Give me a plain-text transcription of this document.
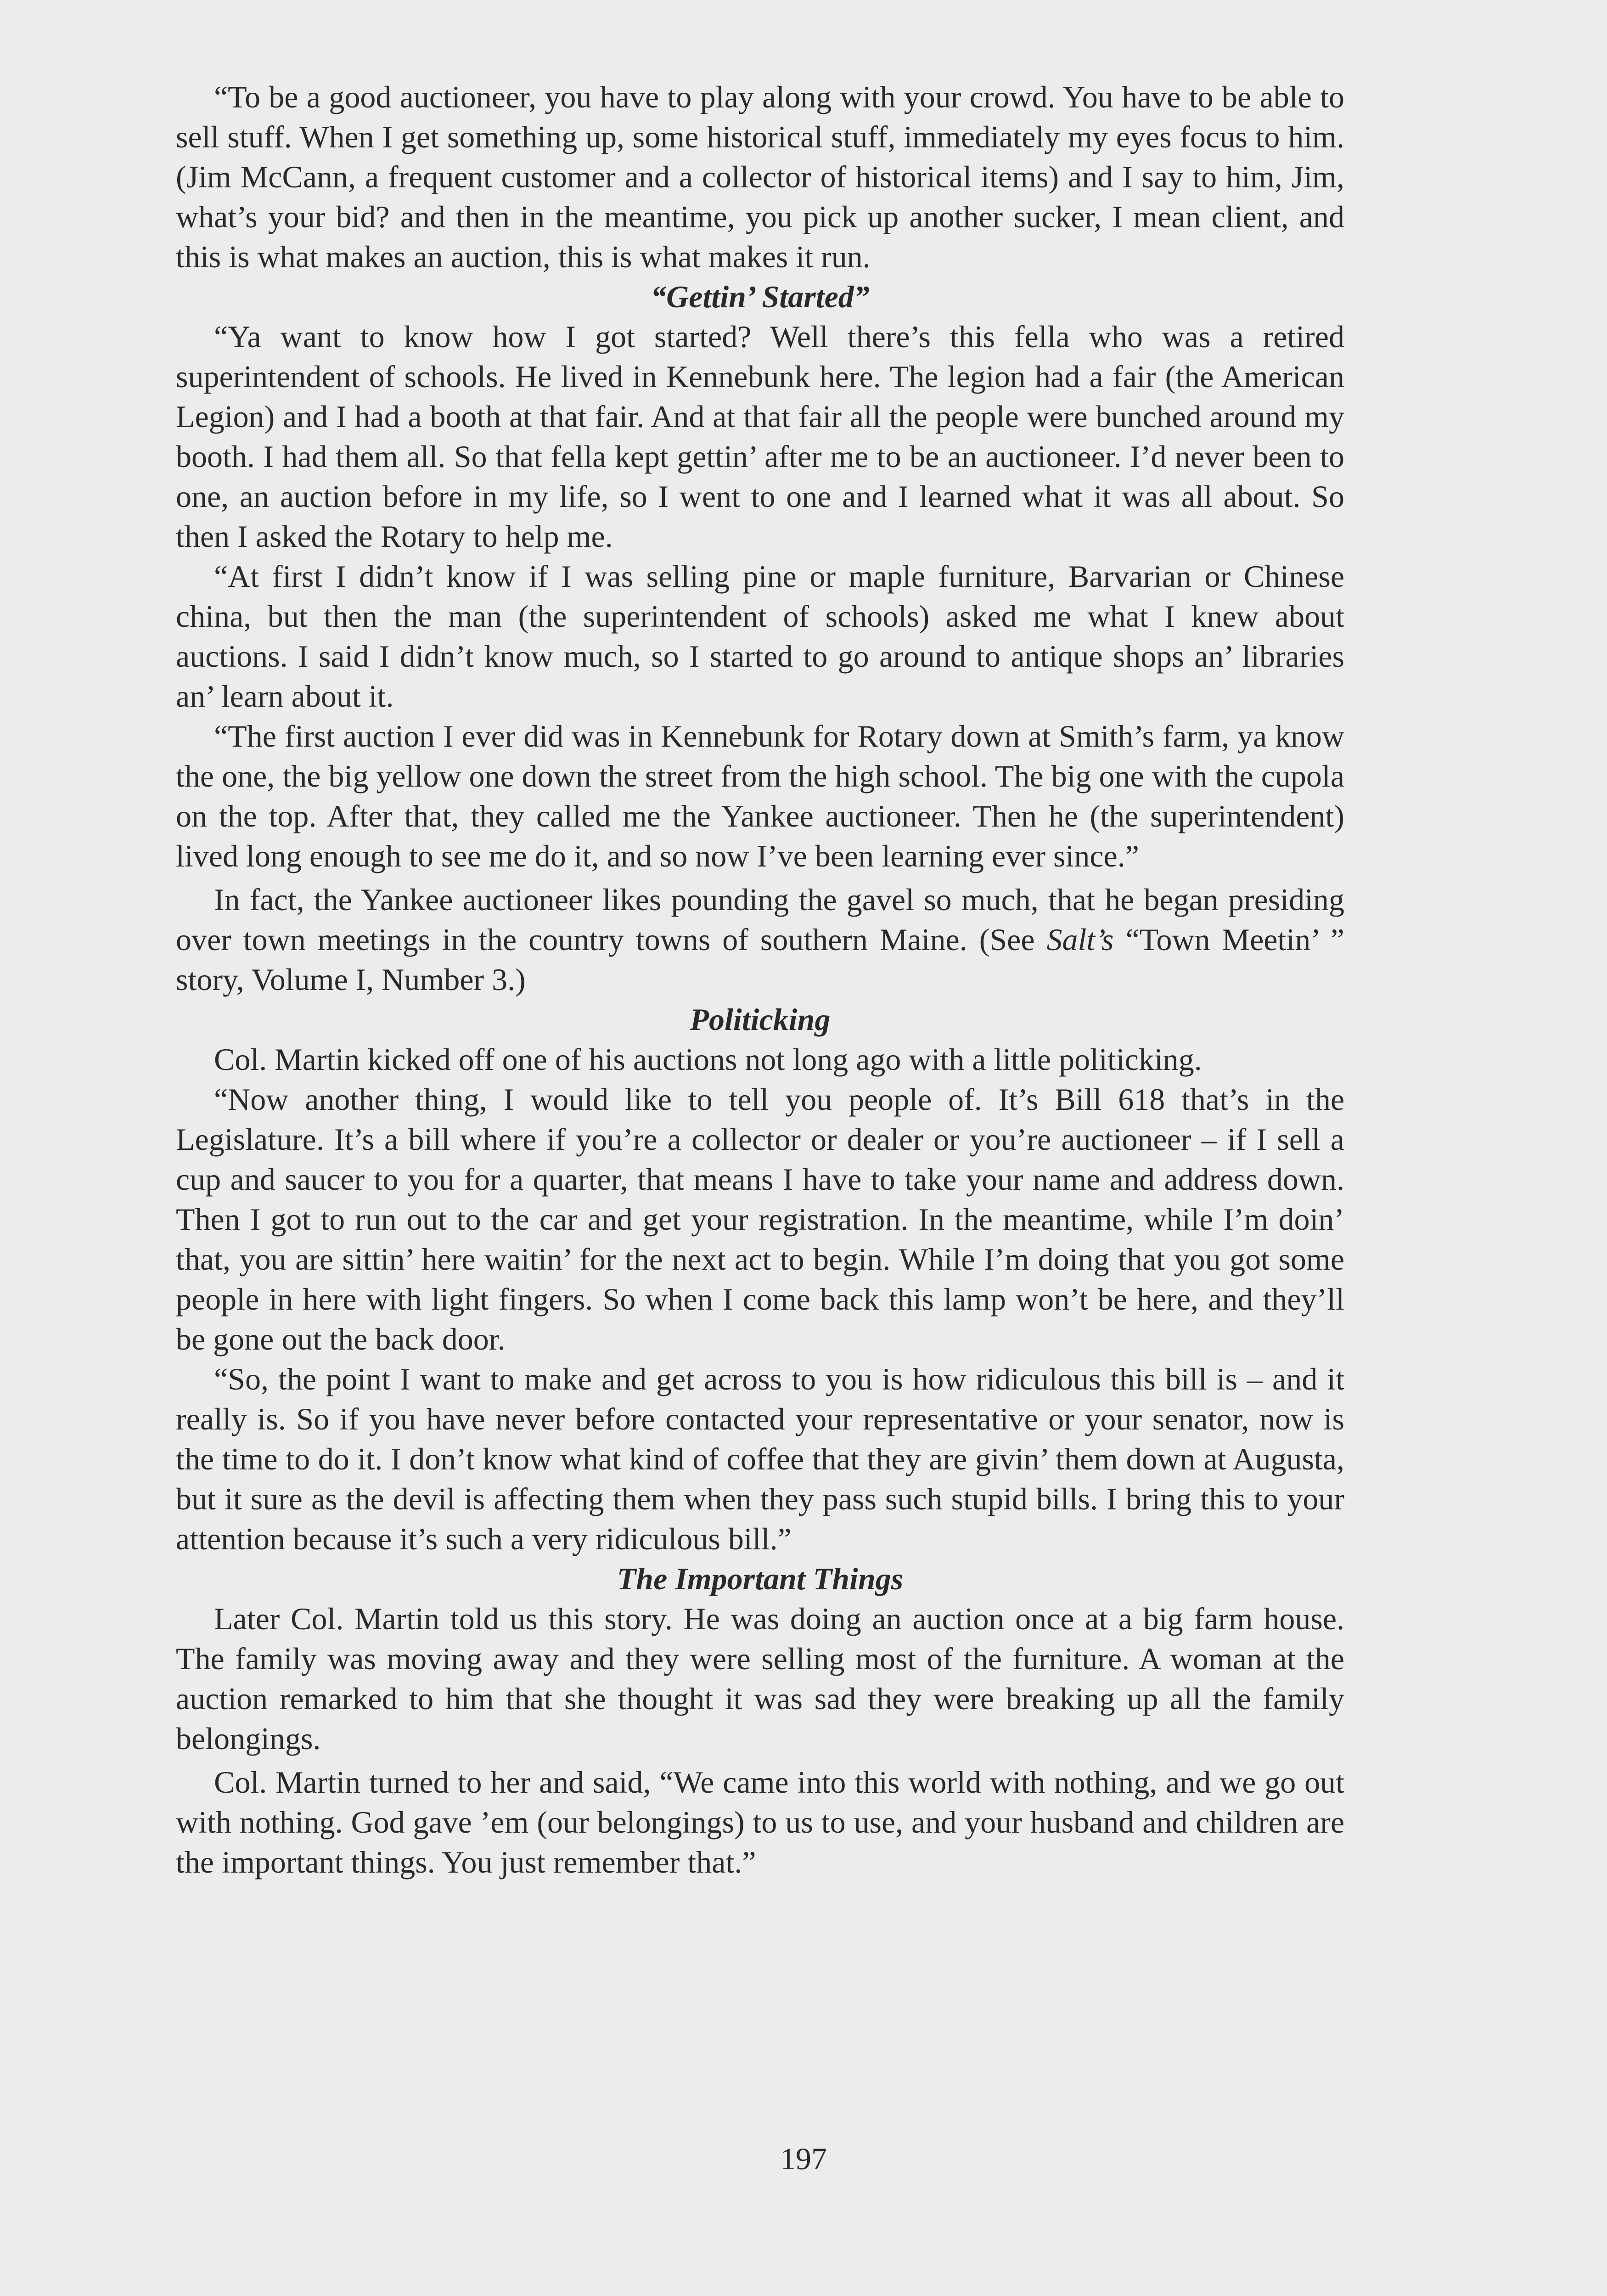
“To be a good auctioneer, you have to play along with your crowd. You have to be able to sell stuff. When I get something up, some historical stuff, immediately my eyes focus to him. (Jim McCann, a frequent customer and a collector of historical items) and I say to him, Jim, what’s your bid? and then in the meantime, you pick up another sucker, I mean client, and this is what makes an auction, this is what makes it run.

“Gettin’ Started”

“Ya want to know how I got started? Well there’s this fella who was a retired superintendent of schools. He lived in Kennebunk here. The legion had a fair (the American Legion) and I had a booth at that fair. And at that fair all the people were bunched around my booth. I had them all. So that fella kept gettin’ after me to be an auctioneer. I’d never been to one, an auction before in my life, so I went to one and I learned what it was all about. So then I asked the Rotary to help me.

“At first I didn’t know if I was selling pine or maple furniture, Barvarian or Chinese china, but then the man (the superintendent of schools) asked me what I knew about auctions. I said I didn’t know much, so I started to go around to antique shops an’ libraries an’ learn about it.

“The first auction I ever did was in Kennebunk for Rotary down at Smith’s farm, ya know the one, the big yellow one down the street from the high school. The big one with the cupola on the top. After that, they called me the Yankee auctioneer. Then he (the superintendent) lived long enough to see me do it, and so now I’ve been learning ever since.”

In fact, the Yankee auctioneer likes pounding the gavel so much, that he began presiding over town meetings in the country towns of southern Maine. (See Salt’s “Town Meetin’ ” story, Volume I, Number 3.)

Politicking

Col. Martin kicked off one of his auctions not long ago with a little politicking.

“Now another thing, I would like to tell you people of. It’s Bill 618 that’s in the Legislature. It’s a bill where if you’re a collector or dealer or you’re auctioneer – if I sell a cup and saucer to you for a quarter, that means I have to take your name and address down. Then I got to run out to the car and get your registration. In the meantime, while I’m doin’ that, you are sittin’ here waitin’ for the next act to begin. While I’m doing that you got some people in here with light fingers. So when I come back this lamp won’t be here, and they’ll be gone out the back door.

“So, the point I want to make and get across to you is how ridiculous this bill is – and it really is. So if you have never before contacted your representative or your senator, now is the time to do it. I don’t know what kind of coffee that they are givin’ them down at Augusta, but it sure as the devil is affecting them when they pass such stupid bills. I bring this to your attention because it’s such a very ridiculous bill.”

The Important Things

Later Col. Martin told us this story. He was doing an auction once at a big farm house. The family was moving away and they were selling most of the furniture. A woman at the auction remarked to him that she thought it was sad they were breaking up all the family belongings.

Col. Martin turned to her and said, “We came into this world with nothing, and we go out with nothing. God gave ’em (our belongings) to us to use, and your husband and children are the important things. You just remember that.”

197
